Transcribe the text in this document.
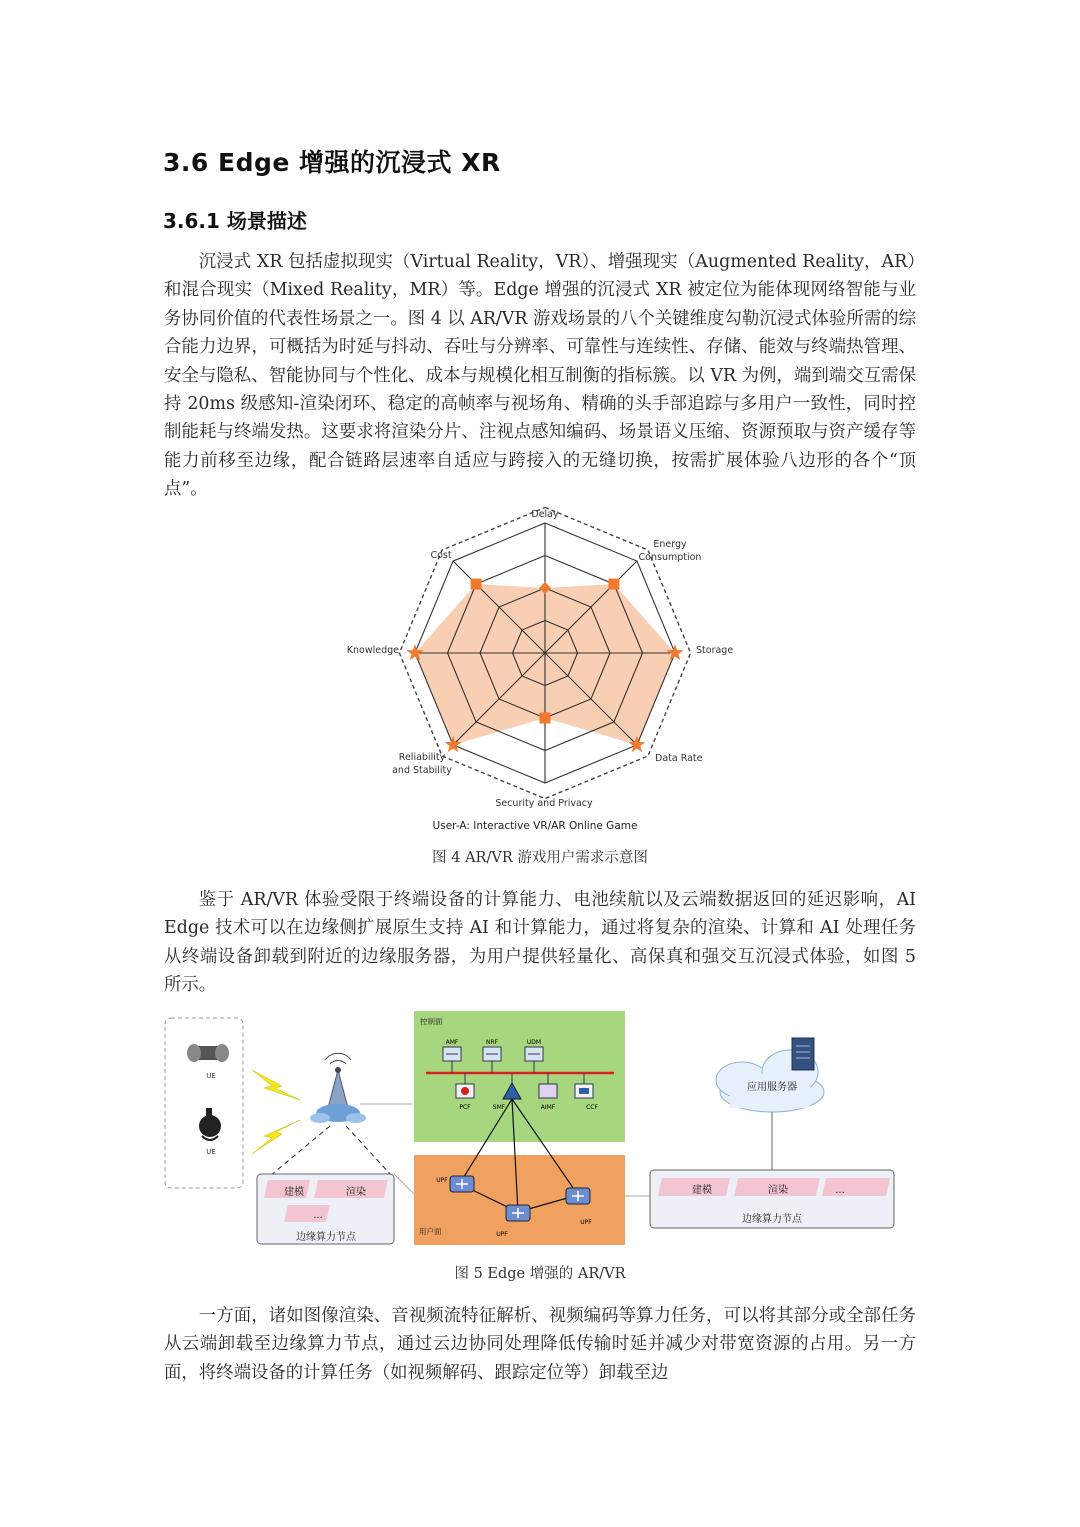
3.6 Edge 增强的沉浸式 XR
3.6.1 场景描述

沉浸式 XR 包括虚拟现实（Virtual Reality，VR）、增强现实（Augmented Reality，AR）和混合现实（Mixed Reality，MR）等。Edge 增强的沉浸式 XR 被定位为能体现网络智能与业务协同价值的代表性场景之一。图 4 以 AR/VR 游戏场景的八个关键维度勾勒沉浸式体验所需的综合能力边界，可概括为时延与抖动、吞吐与分辨率、可靠性与连续性、存储、能效与终端热管理、安全与隐私、智能协同与个性化、成本与规模化相互制衡的指标簇。以 VR 为例，端到端交互需保持 20ms 级感知-渲染闭环、稳定的高帧率与视场角、精确的头手部追踪与多用户一致性，同时控制能耗与终端发热。这要求将渲染分片、注视点感知编码、场景语义压缩、资源预取与资产缓存等能力前移至边缘，配合链路层速率自适应与跨接入的无缝切换，按需扩展体验八边形的各个“顶点”。

Delay
Energy
Consumption
Storage
Data Rate
Security and Privacy
Reliability
and Stability
Knowledge
Cost
User-A: Interactive VR/AR Online Game
图 4 AR/VR 游戏用户需求示意图

鉴于 AR/VR 体验受限于终端设备的计算能力、电池续航以及云端数据返回的延迟影响，AI Edge 技术可以在边缘侧扩展原生支持 AI 和计算能力，通过将复杂的渲染、计算和 AI 处理任务从终端设备卸载到附近的边缘服务器，为用户提供轻量化、高保真和强交互沉浸式体验，如图 5 所示。

UE
UE
建模	渲染
...
边缘算力节点
控制面
AMF	NRF	UDM
PCF	SMF	AIMF	CCF
用户面
UPF
UPF
UPF
应用服务器
建模	渲染	...
边缘算力节点
图 5 Edge 增强的 AR/VR

一方面，诸如图像渲染、音视频流特征解析、视频编码等算力任务，可以将其部分或全部任务从云端卸载至边缘算力节点，通过云边协同处理降低传输时延并减少对带宽资源的占用。另一方面，将终端设备的计算任务（如视频解码、跟踪定位等）卸载至边
